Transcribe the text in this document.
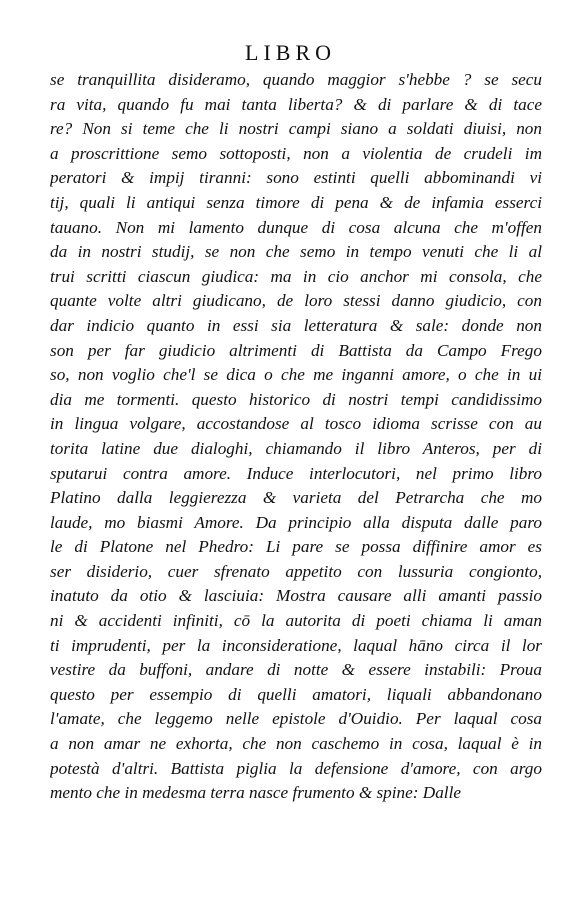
LIBRO
se tranquillita disideramo, quando maggior s'hebbe ? se secu
ra vita, quando fu mai tanta liberta? & di parlare & di tace
re? Non si teme che li nostri campi siano a soldati diuisi, non
a proscrittione semo sottoposti, non a violentia de crudeli im
peratori & impij tiranni: sono estinti quelli abbominandi vi
tij, quali li antiqui senza timore di pena & de infamia esserci
tauano. Non mi lamento dunque di cosa alcuna che m'offen
da in nostri studij, se non che semo in tempo venuti che li al
trui scritti ciascun giudica: ma in cio anchor mi consola, che
quante volte altri giudicano, de loro stessi danno giudicio, con
dar indicio quanto in essi sia letteratura & sale: donde non
son per far giudicio altrimenti di Battista da Campo Frego
so, non voglio che'l se dica o che me inganni amore, o che in ui
dia me tormenti. questo historico di nostri tempi candidissimo
in lingua volgare, accostandose al tosco idioma scrisse con au
torita latine due dialoghi, chiamando il libro Anteros, per di
sputarui contra amore. Induce interlocutori, nel primo libro
Platino dalla leggierezza & varieta del Petrarcha che mo
laude, mo biasmi Amore. Da principio alla disputa dalle paro
le di Platone nel Phedro: Li pare se possa diffinire amor es
ser disiderio, cuer sfrenato appetito con lussuria congionto,
inatuto da otio & lasciuia: Mostra causare alli amanti passio
ni & accidenti infiniti, cō la autorita di poeti chiama li aman
ti imprudenti, per la inconsideratione, laqual hāno circa il lor
vestire da buffoni, andare di notte & essere instabili: Proua
questo per essempio di quelli amatori, liquali abbandonano
l'amate, che leggemo nelle epistole d'Ouidio. Per laqual cosa
a non amar ne exhorta, che non caschemo in cosa, laqual è in
potestà d'altri. Battista piglia la defensione d'amore, con argo
mento che in medesma terra nasce frumento & spine: Dalle
